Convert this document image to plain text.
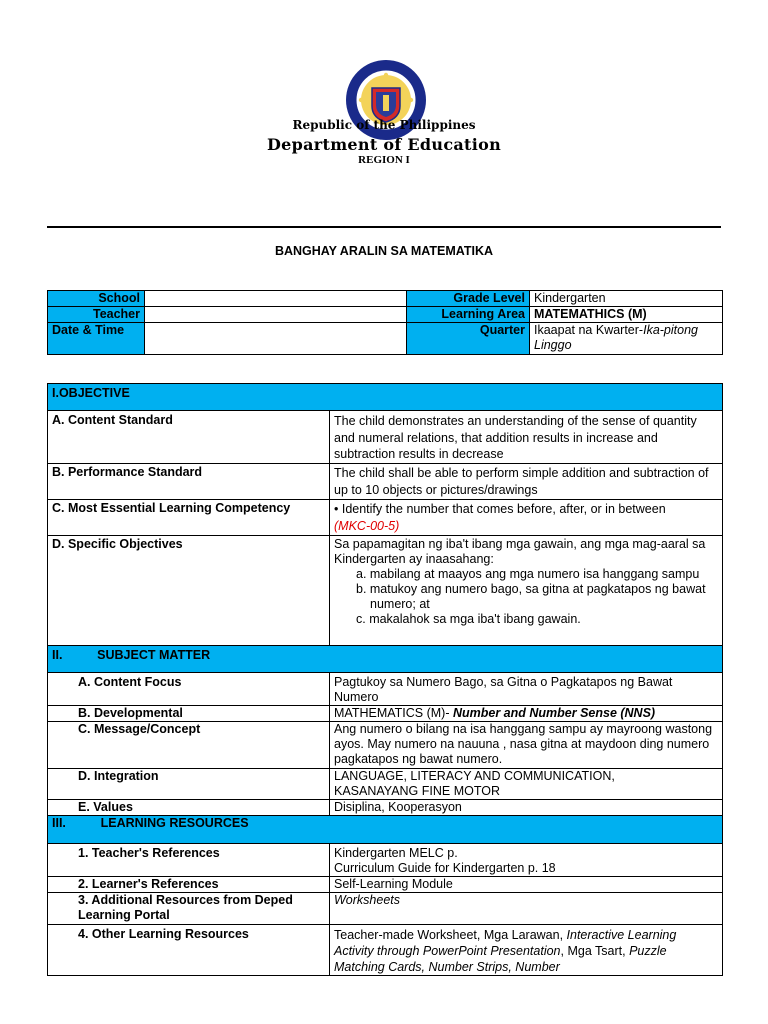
Republic of the Philippines
Department of Education
REGION I
BANGHAY ARALIN SA MATEMATIKA
School		Grade Level	Kindergarten
Teacher		Learning Area	MATEMATHICS (M)
Date & Time		Quarter	Ikaapat na Kwarter-Ika-pitong Linggo
I.OBJECTIVE	
A. Content Standard	The child demonstrates an understanding of the sense of quantity and numeral relations, that addition results in increase and subtraction results in decrease
B. Performance Standard	The child shall be able to perform simple addition and subtraction of up to 10 objects or pictures/drawings
C. Most Essential Learning Competency	• Identify the number that comes before, after, or in between
(MKC-00-5)
D. Specific Objectives	Sa papamagitan ng iba't ibang mga gawain, ang mga mag-aaral sa Kindergarten ay inaasahang:
a. mabilang at maayos ang mga numero isa hanggang sampu
b. matukoy ang numero bago, sa gitna at pagkatapos ng bawat numero; at
c. makalahok sa mga iba't ibang gawain.

II.          SUBJECT MATTER	
A. Content Focus	Pagtukoy sa Numero Bago, sa Gitna o Pagkatapos ng Bawat Numero
B. Developmental	MATHEMATICS (M)- Number and Number Sense (NNS)
C. Message/Concept	Ang numero o bilang na isa hanggang sampu ay mayroong wastong ayos. May numero na nauuna , nasa gitna at maydoon ding numero pagkatapos ng bawat numero.
D. Integration	LANGUAGE, LITERACY AND COMMUNICATION,
KASANAYANG FINE MOTOR
E. Values	Disiplina, Kooperasyon
III.          LEARNING RESOURCES	
1. Teacher's References	Kindergarten MELC p.
Curriculum Guide for Kindergarten p. 18
2. Learner's References	Self-Learning Module
3. Additional Resources from Deped Learning Portal	Worksheets
4. Other Learning Resources	Teacher-made Worksheet, Mga Larawan, Interactive Learning Activity through PowerPoint Presentation, Mga Tsart, Puzzle Matching Cards, Number Strips, Number
